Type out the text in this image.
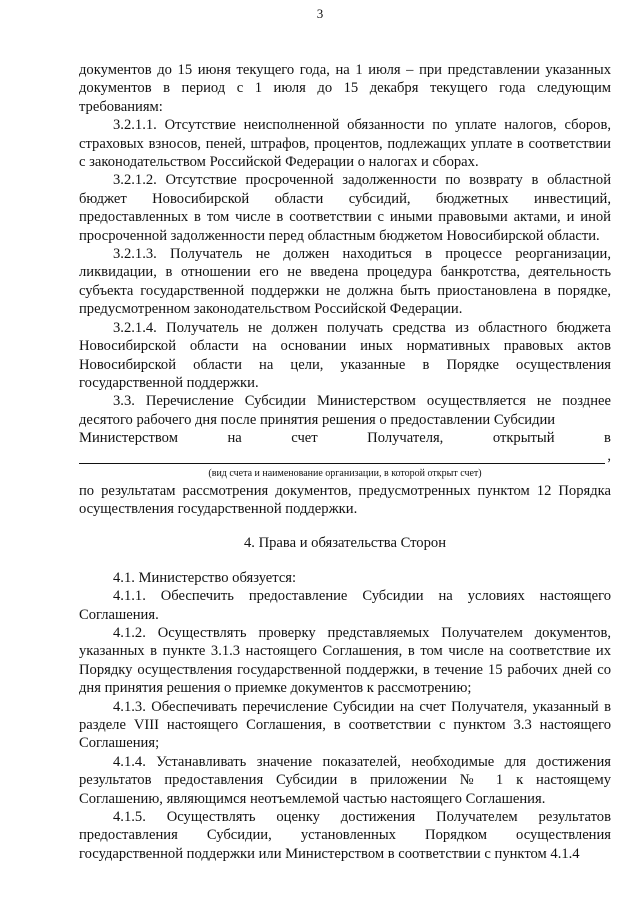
3

документов до 15 июня текущего года, на 1 июля – при представлении указанных документов в период с 1 июля до 15 декабря текущего года следующим требованиям:

3.2.1.1. Отсутствие неисполненной обязанности по уплате налогов, сборов, страховых взносов, пеней, штрафов, процентов, подлежащих уплате в соответствии с законодательством Российской Федерации о налогах и сборах.

3.2.1.2. Отсутствие просроченной задолженности по возврату в областной бюджет Новосибирской области субсидий, бюджетных инвестиций, предоставленных в том числе в соответствии с иными правовыми актами, и иной просроченной задолженности перед областным бюджетом Новосибирской области.

3.2.1.3. Получатель не должен находиться в процессе реорганизации, ликвидации, в отношении его не введена процедура банкротства, деятельность субъекта государственной поддержки не должна быть приостановлена в порядке, предусмотренном законодательством Российской Федерации.

3.2.1.4. Получатель не должен получать средства из областного бюджета Новосибирской области на основании иных нормативных правовых актов Новосибирской области на цели, указанные в Порядке осуществления государственной поддержки.

3.3. Перечисление Субсидии Министерством осуществляется не позднее десятого рабочего дня после принятия решения о предоставлении Субсидии

Министерством	на	счет	Получателя,	открытый	в
,

(вид счета и наименование организации, в которой открыт счет)

по результатам рассмотрения документов, предусмотренных пунктом 12 Порядка осуществления государственной поддержки.

4. Права и обязательства Сторон

4.1. Министерство обязуется:

4.1.1. Обеспечить предоставление Субсидии на условиях настоящего Соглашения.

4.1.2. Осуществлять проверку представляемых Получателем документов, указанных в пункте 3.1.3 настоящего Соглашения, в том числе на соответствие их Порядку осуществления государственной поддержки, в течение 15 рабочих дней со дня принятия решения о приемке документов к рассмотрению;

4.1.3. Обеспечивать перечисление Субсидии на счет Получателя, указанный в разделе VIII настоящего Соглашения, в соответствии с пунктом 3.3 настоящего Соглашения;

4.1.4. Устанавливать значение показателей, необходимые для достижения результатов предоставления Субсидии в приложении № 1 к настоящему Соглашению, являющимся неотъемлемой частью настоящего Соглашения.

4.1.5. Осуществлять оценку достижения Получателем результатов предоставления Субсидии, установленных Порядком осуществления государственной поддержки или Министерством в соответствии с пунктом 4.1.4
